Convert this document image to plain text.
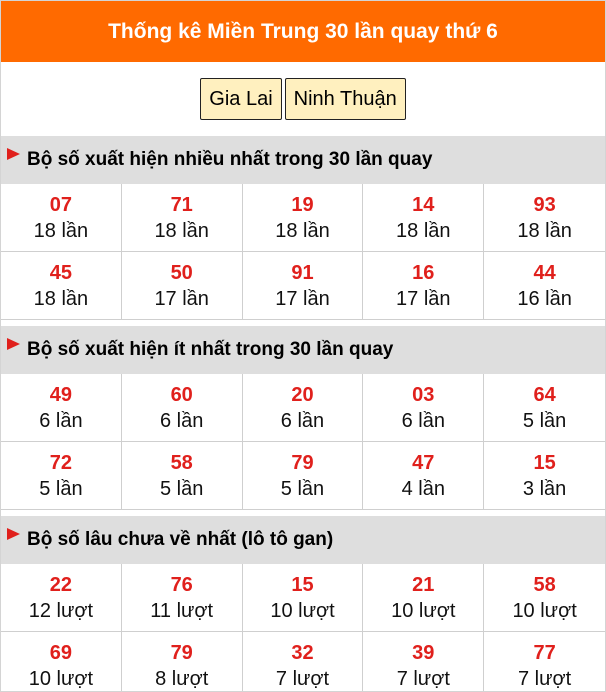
Thống kê Miền Trung 30 lần quay thứ 6
Gia Lai	Ninh Thuận
Bộ số xuất hiện
nhiều
nhất trong 30 lần quay
07
18 lần
71
18 lần
19
18 lần
14
18 lần
93
18 lần
45
18 lần
50
17 lần
91
17 lần
16
17 lần
44
16 lần
Bộ số xuất hiện
ít
nhất trong 30 lần quay
49
6 lần
60
6 lần
20
6 lần
03
6 lần
64
5 lần
72
5 lần
58
5 lần
79
5 lần
47
4 lần
15
3 lần
Bộ số lâu chưa về nhất
(lô tô gan)
22
12 lượt
76
11 lượt
15
10 lượt
21
10 lượt
58
10 lượt
69
10 lượt
79
8 lượt
32
7 lượt
39
7 lượt
77
7 lượt
